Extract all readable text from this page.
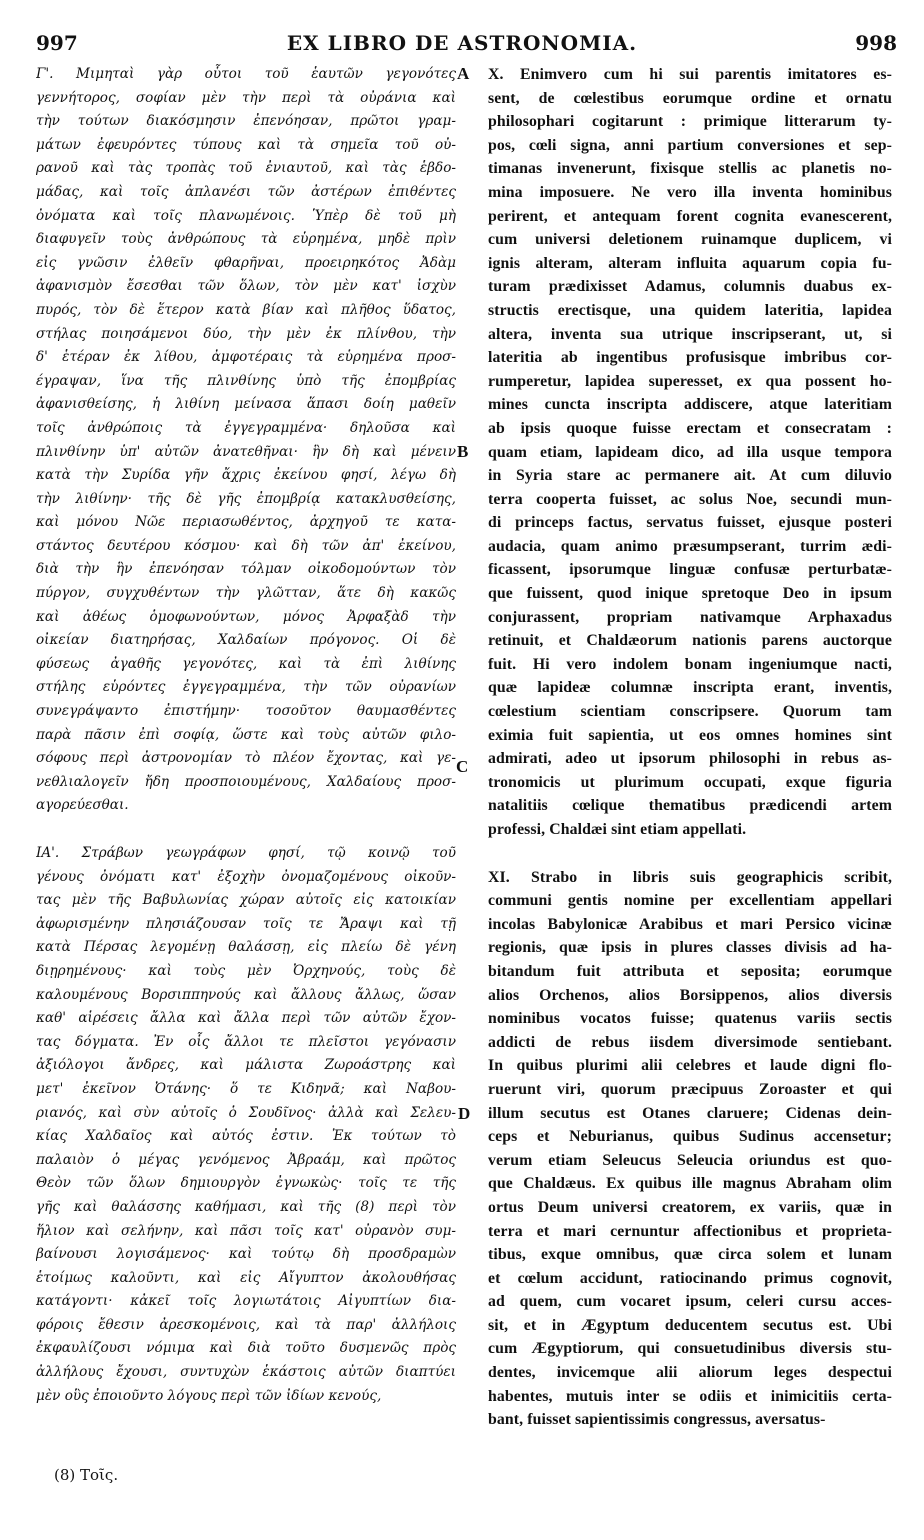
EX LIBRO DE ASTRONOMIA.
997	998
Γ'. Μιμηταὶ γὰρ οὗτοι τοῦ ἑαυτῶν γεγονότες
γεννήτορος, σοφίαν μὲν τὴν περὶ τὰ οὐράνια καὶ
τὴν τούτων διακόσμησιν ἐπενόησαν, πρῶτοι γραμ-
μάτων ἐφευρόντες τύπους καὶ τὰ σημεῖα τοῦ οὐ-
ρανοῦ καὶ τὰς τροπὰς τοῦ ἐνιαυτοῦ, καὶ τὰς ἑβδο-
μάδας, καὶ τοῖς ἀπλανέσι τῶν ἀστέρων ἐπιθέντες
ὀνόματα καὶ τοῖς πλανωμένοις. Ὑπὲρ δὲ τοῦ μὴ
διαφυγεῖν τοὺς ἀνθρώπους τὰ εὑρημένα, μηδὲ πρὶν
εἰς γνῶσιν ἐλθεῖν φθαρῆναι, προειρηκότος Ἀδὰμ
ἀφανισμὸν ἔσεσθαι τῶν ὅλων, τὸν μὲν κατ' ἰσχὺν
πυρός, τὸν δὲ ἕτερον κατὰ βίαν καὶ πλῆθος ὕδατος,
στήλας ποιησάμενοι δύο, τὴν μὲν ἐκ πλίνθου, τὴν
δ' ἑτέραν ἐκ λίθου, ἀμφοτέραις τὰ εὑρημένα προσ-
έγραψαν, ἵνα τῆς πλινθίνης ὑπὸ τῆς ἐπομβρίας
ἀφανισθείσης, ἡ λιθίνη μείνασα ἅπασι δοίη μαθεῖν
τοῖς ἀνθρώποις τὰ ἐγγεγραμμένα· δηλοῦσα καὶ
πλινθίνην ὑπ' αὐτῶν ἀνατεθῆναι· ἣν δὴ καὶ μένειν
κατὰ τὴν Συρίδα γῆν ἄχρις ἐκείνου φησί, λέγω δὴ
τὴν λιθίνην· τῆς δὲ γῆς ἐπομβρίᾳ κατακλυσθείσης,
καὶ μόνου Νῶε περιασωθέντος, ἀρχηγοῦ τε κατα-
στάντος δευτέρου κόσμου· καὶ δὴ τῶν ἀπ' ἐκείνου,
διὰ τὴν ἣν ἐπενόησαν τόλμαν οἰκοδομούντων τὸν
πύργον, συγχυθέντων τὴν γλῶτταν, ἅτε δὴ κακῶς
καὶ ἀθέως ὁμοφωνούντων, μόνος Ἀρφαξὰδ τὴν
οἰκείαν διατηρήσας, Χαλδαίων πρόγονος. Οἱ δὲ
φύσεως ἀγαθῆς γεγονότες, καὶ τὰ ἐπὶ λιθίνης
στήλης εὑρόντες ἐγγεγραμμένα, τὴν τῶν οὐρανίων
συνεγράψαντο ἐπιστήμην· τοσοῦτον θαυμασθέντες
παρὰ πᾶσιν ἐπὶ σοφίᾳ, ὥστε καὶ τοὺς αὐτῶν φιλο-
σόφους περὶ ἀστρονομίαν τὸ πλέον ἔχοντας, καὶ γε-
νεθλιαλογεῖν ἤδη προσποιουμένους, Χαλδαίους προσ-
αγορεύεσθαι.
ΙΑ'. Στράβων γεωγράφων φησί, τῷ κοινῷ τοῦ
γένους ὀνόματι κατ' ἐξοχὴν ὀνομαζομένους οἰκοῦν-
τας μὲν τῆς Βαβυλωνίας χώραν αὐτοῖς εἰς κατοικίαν
ἀφωρισμένην πλησιάζουσαν τοῖς τε Ἄραψι καὶ τῇ
κατὰ Πέρσας λεγομένῃ θαλάσσῃ, εἰς πλείω δὲ γένη
διῃρημένους· καὶ τοὺς μὲν Ὀρχηνούς, τοὺς δὲ
καλουμένους Βορσιππηνούς καὶ ἄλλους ἄλλως, ὥσαν
καθ' αἱρέσεις ἄλλα καὶ ἄλλα περὶ τῶν αὐτῶν ἔχον-
τας δόγματα. Ἐν οἷς ἄλλοι τε πλεῖστοι γεγόνασιν
ἀξιόλογοι ἄνδρες, καὶ μάλιστα Ζωροάστρης καὶ
μετ' ἐκεῖνον Ὀτάνης· ὅ τε Κιδηνᾶ; καὶ Ναβου-
ριανός, καὶ σὺν αὐτοῖς ὁ Σουδῖνος· ἀλλὰ καὶ Σελευ-
κίας Χαλδαῖος καὶ αὐτός ἐστιν. Ἐκ τούτων τὸ
παλαιὸν ὁ μέγας γενόμενος Ἀβραάμ, καὶ πρῶτος
Θεὸν τῶν ὅλων δημιουργὸν ἐγνωκὼς· τοῖς τε τῆς
γῆς καὶ θαλάσσης καθήμασι, καὶ τῆς (8) περὶ τὸν
ἥλιον καὶ σελήνην, καὶ πᾶσι τοῖς κατ' οὐρανὸν συμ-
βαίνουσι λογισάμενος· καὶ τούτῳ δὴ προσδραμὼν
ἑτοίμως καλοῦντι, καὶ εἰς Αἴγυπτον ἀκολουθήσας
κατάγοντι· κἀκεῖ τοῖς λογιωτάτοις Αἰγυπτίων δια-
φόροις ἔθεσιν ἀρεσκομένοις, καὶ τὰ παρ' ἀλλήλοις
ἐκφαυλίζουσι νόμιμα καὶ διὰ τοῦτο δυσμενῶς πρὸς
ἀλλήλους ἔχουσι, συντυχὼν ἑκάστοις αὐτῶν διαπτύει
μὲν οὓς ἐποιοῦντο λόγους περὶ τῶν ἰδίων κενούς,
X. Enimvero cum hi sui parentis imitatores es-
sent, de cœlestibus eorumque ordine et ornatu
philosophari cogitarunt : primique litterarum ty-
pos, cœli signa, anni partium conversiones et sep-
timanas invenerunt, fixisque stellis ac planetis no-
mina imposuere. Ne vero illa inventa hominibus
perirent, et antequam forent cognita evanescerent,
cum universi deletionem ruinamque duplicem, vi
ignis alteram, alteram influita aquarum copia fu-
turam prædixisset Adamus, columnis duabus ex-
structis erectisque, una quidem lateritia, lapidea
altera, inventa sua utrique inscripserant, ut, si
lateritia ab ingentibus profusisque imbribus cor-
rumperetur, lapidea superesset, ex qua possent ho-
mines cuncta inscripta addiscere, atque lateritiam
ab ipsis quoque fuisse erectam et consecratam :
quam etiam, lapideam dico, ad illa usque tempora
in Syria stare ac permanere ait. At cum diluvio
terra cooperta fuisset, ac solus Noe, secundi mun-
di princeps factus, servatus fuisset, ejusque posteri
audacia, quam animo præsumpserant, turrim ædi-
ficassent, ipsorumque linguæ confusæ perturbatæ-
que fuissent, quod inique spretoque Deo in ipsum
conjurassent, propriam nativamque Arphaxadus
retinuit, et Chaldæorum nationis parens auctorque
fuit. Hi vero indolem bonam ingeniumque nacti,
quæ lapideæ columnæ inscripta erant, inventis,
cœlestium scientiam conscripsere. Quorum tam
eximia fuit sapientia, ut eos omnes homines sint
admirati, adeo ut ipsorum philosophi in rebus as-
tronomicis ut plurimum occupati, exque figuria
natalitiis cœlique thematibus prædicendi artem
professi, Chaldæi sint etiam appellati.
XI. Strabo in libris suis geographicis scribit,
communi gentis nomine per excellentiam appellari
incolas Babylonicæ Arabibus et mari Persico vicinæ
regionis, quæ ipsis in plures classes divisis ad ha-
bitandum fuit attributa et seposita; eorumque
alios Orchenos, alios Borsippenos, alios diversis
nominibus vocatos fuisse; quatenus variis sectis
addicti de rebus iisdem diversimode sentiebant.
In quibus plurimi alii celebres et laude digni flo-
ruerunt viri, quorum præcipuus Zoroaster et qui
illum secutus est Otanes claruere; Cidenas dein-
ceps et Neburianus, quibus Sudinus accensetur;
verum etiam Seleucus Seleucia oriundus est quo-
que Chaldæus. Ex quibus ille magnus Abraham olim
ortus Deum universi creatorem, ex variis, quæ in
terra et mari cernuntur affectionibus et proprieta-
tibus, exque omnibus, quæ circa solem et lunam
et cœlum accidunt, ratiocinando primus cognovit,
ad quem, cum vocaret ipsum, celeri cursu acces-
sit, et in Ægyptum deducentem secutus est. Ubi
cum Ægyptiorum, qui consuetudinibus diversis stu-
dentes, invicemque alii aliorum leges despectui
habentes, mutuis inter se odiis et inimicitiis certa-
bant, fuisset sapientissimis congressus, aversatus-
A
B
C
D
(8) Τοῖς.
